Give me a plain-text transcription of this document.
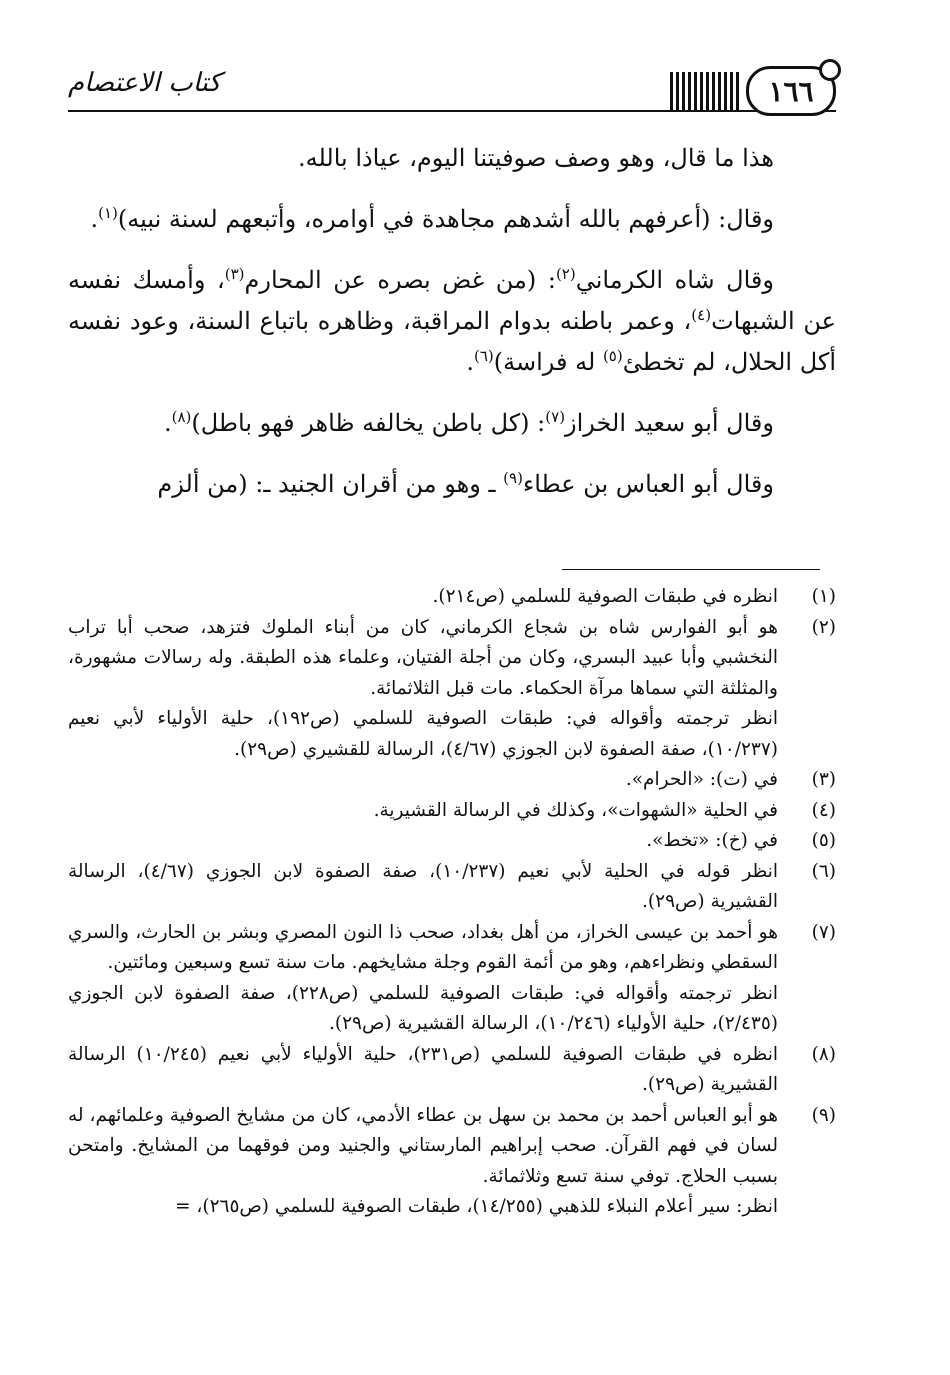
كتاب الاعتصام	١٦٦

هذا ما قال، وهو وصف صوفيتنا اليوم، عياذا بالله.

وقال: (أعرفهم بالله أشدهم مجاهدة في أوامره، وأتبعهم لسنة نبيه)$^{(١)}$.

وقال شاه الكرماني$^{(٢)}$: (من غض بصره عن المحارم$^{(٣)}$، وأمسك نفسه عن الشبهات$^{(٤)}$، وعمر باطنه بدوام المراقبة، وظاهره باتباع السنة، وعود نفسه أكل الحلال، لم تخطئ$^{(٥)}$ له فراسة)$^{(٦)}$.

وقال أبو سعيد الخراز$^{(٧)}$: (كل باطن يخالفه ظاهر فهو باطل)$^{(٨)}$.

وقال أبو العباس بن عطاء$^{(٩)}$ ـ وهو من أقران الجنيد ـ: (من ألزم

(١)
انظره في طبقات الصوفية للسلمي (ص٢١٤).
(٢)
هو أبو الفوارس شاه بن شجاع الكرماني، كان من أبناء الملوك فتزهد، صحب أبا تراب النخشبي وأبا عبيد البسري، وكان من أجلة الفتيان، وعلماء هذه الطبقة. وله رسالات مشهورة، والمثلثة التي سماها مرآة الحكماء. مات قبل الثلاثمائة.
انظر ترجمته وأقواله في: طبقات الصوفية للسلمي (ص١٩٢)، حلية الأولياء لأبي نعيم (١٠/٢٣٧)، صفة الصفوة لابن الجوزي (٤/٦٧)، الرسالة للقشيري (ص٢٩).
(٣)
في (ت): «الحرام».
(٤)
في الحلية «الشهوات»، وكذلك في الرسالة القشيرية.
(٥)
في (خ): «تخط».
(٦)
انظر قوله في الحلية لأبي نعيم (١٠/٢٣٧)، صفة الصفوة لابن الجوزي (٤/٦٧)، الرسالة القشيرية (ص٢٩).
(٧)
هو أحمد بن عيسى الخراز، من أهل بغداد، صحب ذا النون المصري وبشر بن الحارث، والسري السقطي ونظراءهم، وهو من أئمة القوم وجلة مشايخهم. مات سنة تسع وسبعين ومائتين.
انظر ترجمته وأقواله في: طبقات الصوفية للسلمي (ص٢٢٨)، صفة الصفوة لابن الجوزي (٢/٤٣٥)، حلية الأولياء (١٠/٢٤٦)، الرسالة القشيرية (ص٢٩).
(٨)
انظره في طبقات الصوفية للسلمي (ص٢٣١)، حلية الأولياء لأبي نعيم (١٠/٢٤٥) الرسالة القشيرية (ص٢٩).
(٩)
هو أبو العباس أحمد بن محمد بن سهل بن عطاء الأدمي، كان من مشايخ الصوفية وعلمائهم، له لسان في فهم القرآن. صحب إبراهيم المارستاني والجنيد ومن فوقهما من المشايخ. وامتحن بسبب الحلاج. توفي سنة تسع وثلاثمائة.
انظر: سير أعلام النبلاء للذهبي (١٤/٢٥٥)، طبقات الصوفية للسلمي (ص٢٦٥)، =
